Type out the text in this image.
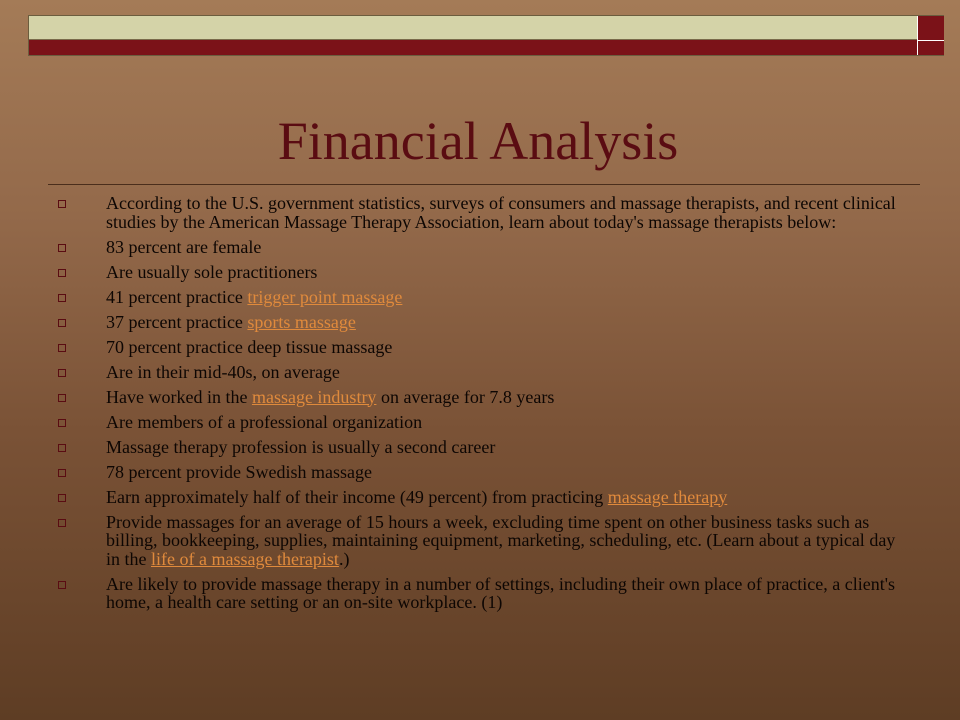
Financial Analysis
According to the U.S. government statistics, surveys of consumers and massage therapists, and recent clinical studies by the American Massage Therapy Association, learn about today's massage therapists below:
83 percent are female
Are usually sole practitioners
41 percent practice trigger point massage
37 percent practice sports massage
70 percent practice deep tissue massage
Are in their mid-40s, on average
Have worked in the massage industry on average for 7.8 years
Are members of a professional organization
Massage therapy profession is usually a second career
78 percent provide Swedish massage
Earn approximately half of their income (49 percent) from practicing massage therapy
Provide massages for an average of 15 hours a week, excluding time spent on other business tasks such as billing, bookkeeping, supplies, maintaining equipment, marketing, scheduling, etc. (Learn about a typical day in the life of a massage therapist.)
Are likely to provide massage therapy in a number of settings, including their own place of practice, a client's home, a health care setting or an on-site workplace. (1)
